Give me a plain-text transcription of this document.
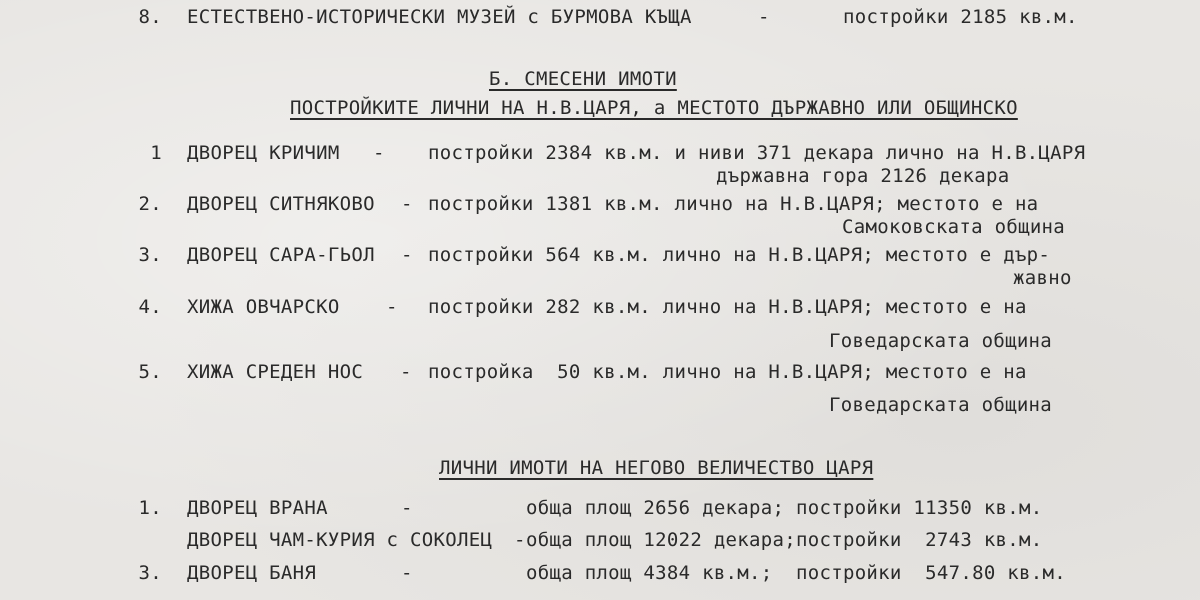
8. ЕСТЕСТВЕНО-ИСТОРИЧЕСКИ МУЗЕЙ с БУРМОВА КЪЩА	-	постройки 2185 кв.м.
Б. СМЕСЕНИ ИМОТИ
ПОСТРОЙКИТЕ ЛИЧНИ НА Н.В.ЦАРЯ, а МЕСТОТО ДЪРЖАВНО ИЛИ ОБЩИНСКО
1 ДВОРЕЦ КРИЧИМ - постройки 2384 кв.м. и ниви 371 декара лично на Н.В.ЦАРЯ
държавна гора 2126 декара
2. ДВОРЕЦ СИТНЯКОВО - постройки 1381 кв.м. лично на Н.В.ЦАРЯ; местото е на
Самоковската община
3. ДВОРЕЦ САРА-ГЬОЛ - постройки 564 кв.м. лично на Н.В.ЦАРЯ; местото е дър-
жавно
4. ХИЖА ОВЧАРСКО - постройки 282 кв.м. лично на Н.В.ЦАРЯ; местото е на
Говедарската община
5. ХИЖА СРЕДЕН НОС - постройка  50 кв.м. лично на Н.В.ЦАРЯ; местото е на
Говедарската община
ЛИЧНИ ИМОТИ НА НЕГОВО ВЕЛИЧЕСТВО ЦАРЯ
1. ДВОРЕЦ ВРАНА	-	обща площ 2656 декара; постройки 11350 кв.м.
ДВОРЕЦ ЧАМ-КУРИЯ с СОКОЛЕЦ - обща площ 12022 декара;постройки  2743 кв.м.
3. ДВОРЕЦ БАНЯ	-	обща площ 4384 кв.м.;  постройки  547.80 кв.м.
